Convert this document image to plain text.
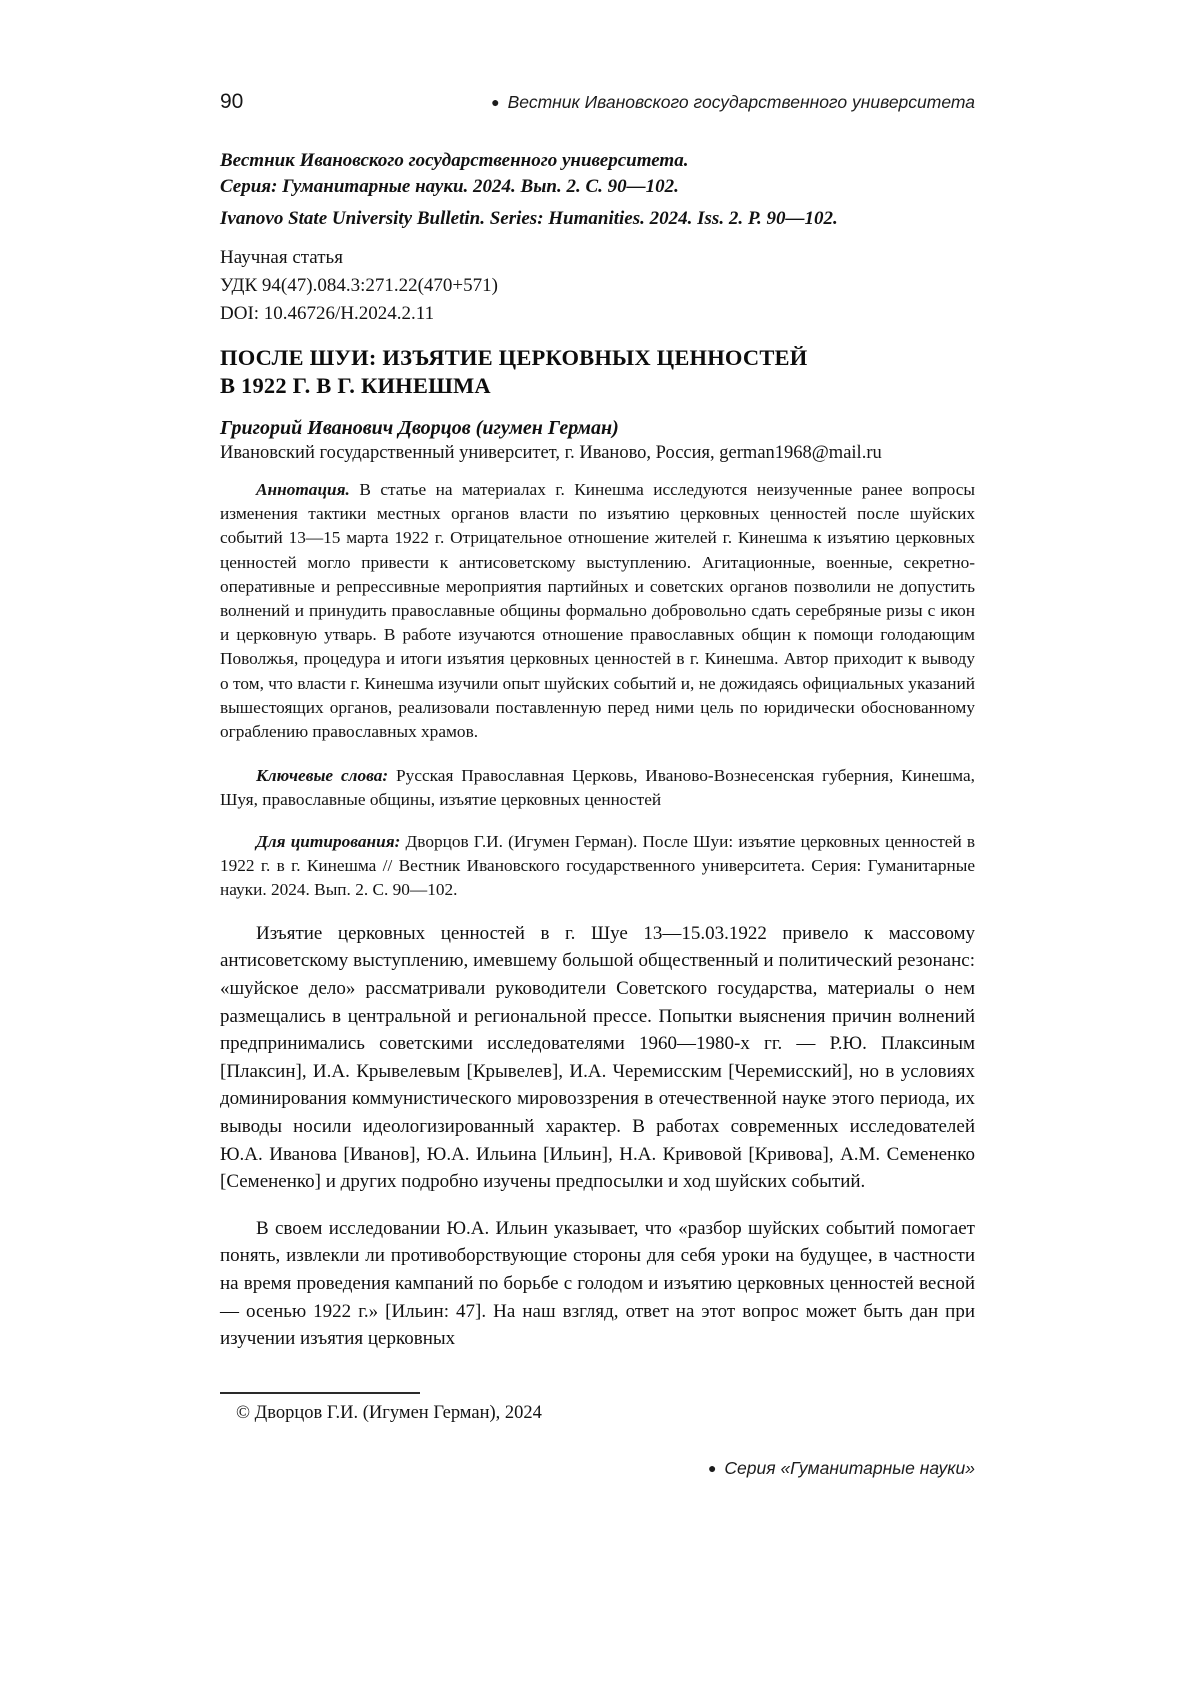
90	● Вестник Ивановского государственного университета
Вестник Ивановского государственного университета.
Серия: Гуманитарные науки. 2024. Вып. 2. С. 90—102.
Ivanovo State University Bulletin. Series: Humanities. 2024. Iss. 2. P. 90—102.
Научная статья
УДК 94(47).084.3:271.22(470+571)
DOI: 10.46726/H.2024.2.11
ПОСЛЕ ШУИ: ИЗЪЯТИЕ ЦЕРКОВНЫХ ЦЕННОСТЕЙ
В 1922 Г. В Г. КИНЕШМА
Григорий Иванович Дворцов (игумен Герман)
Ивановский государственный университет, г. Иваново, Россия, german1968@mail.ru

Аннотация. В статье на материалах г. Кинешма исследуются неизученные ранее вопросы изменения тактики местных органов власти по изъятию церковных ценностей после шуйских событий 13—15 марта 1922 г. Отрицательное отношение жителей г. Кинешма к изъятию церковных ценностей могло привести к антисоветскому выступлению. Агитационные, военные, секретно-оперативные и репрессивные мероприятия партийных и советских органов позволили не допустить волнений и принудить православные общины формально добровольно сдать серебряные ризы с икон и церковную утварь. В работе изучаются отношение православных общин к помощи голодающим Поволжья, процедура и итоги изъятия церковных ценностей в г. Кинешма. Автор приходит к выводу о том, что власти г. Кинешма изучили опыт шуйских событий и, не дожидаясь официальных указаний вышестоящих органов, реализовали поставленную перед ними цель по юридически обоснованному ограблению православных храмов.

Ключевые слова: Русская Православная Церковь, Иваново-Вознесенская губерния, Кинешма, Шуя, православные общины, изъятие церковных ценностей

Для цитирования: Дворцов Г.И. (Игумен Герман). После Шуи: изъятие церковных ценностей в 1922 г. в г. Кинешма // Вестник Ивановского государственного университета. Серия: Гуманитарные науки. 2024. Вып. 2. С. 90—102.

Изъятие церковных ценностей в г. Шуе 13—15.03.1922 привело к массовому антисоветскому выступлению, имевшему большой общественный и политический резонанс: «шуйское дело» рассматривали руководители Советского государства, материалы о нем размещались в центральной и региональной прессе. Попытки выяснения причин волнений предпринимались советскими исследователями 1960—1980-х гг. — Р.Ю. Плаксиным [Плаксин], И.А. Крывелевым [Крывелев], И.А. Черемисским [Черемисский], но в условиях доминирования коммунистического мировоззрения в отечественной науке этого периода, их выводы носили идеологизированный характер. В работах современных исследователей Ю.А. Иванова [Иванов], Ю.А. Ильина [Ильин], Н.А. Кривовой [Кривова], А.М. Семененко [Семененко] и других подробно изучены предпосылки и ход шуйских событий.

В своем исследовании Ю.А. Ильин указывает, что «разбор шуйских событий помогает понять, извлекли ли противоборствующие стороны для себя уроки на будущее, в частности на время проведения кампаний по борьбе с голодом и изъятию церковных ценностей весной — осенью 1922 г.» [Ильин: 47]. На наш взгляд, ответ на этот вопрос может быть дан при изучении изъятия церковных

© Дворцов Г.И. (Игумен Герман), 2024
● Серия «Гуманитарные науки»
